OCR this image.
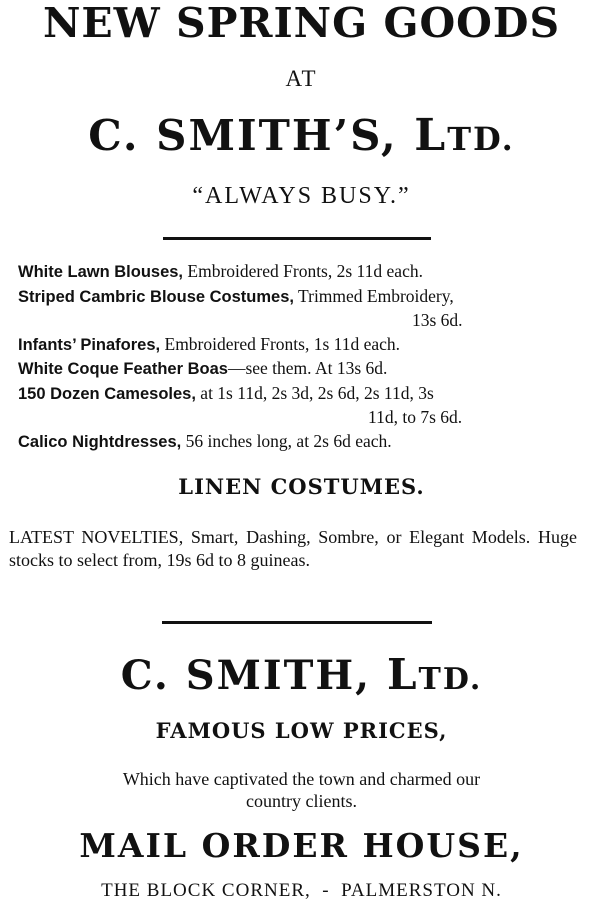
NEW SPRING GOODS
AT
C. SMITH’S, LTD.
“ALWAYS BUSY.”
White Lawn Blouses, Embroidered Fronts, 2s 11d each.
Striped Cambric Blouse Costumes, Trimmed Embroidery,
13s 6d.
Infants’ Pinafores, Embroidered Fronts, 1s 11d each.
White Coque Feather Boas—see them. At 13s 6d.
150 Dozen Camesoles, at 1s 11d, 2s 3d, 2s 6d, 2s 11d, 3s
11d, to 7s 6d.
Calico Nightdresses, 56 inches long, at 2s 6d each.
LINEN COSTUMES.
LATEST NOVELTIES, Smart, Dashing, Sombre, or Elegant Models. Huge stocks to select from, 19s 6d to 8 guineas.
C. SMITH, LTD.
FAMOUS LOW PRICES,
Which have captivated the town and charmed our
country clients.
MAIL ORDER HOUSE,
THE BLOCK CORNER,  -  PALMERSTON N.
